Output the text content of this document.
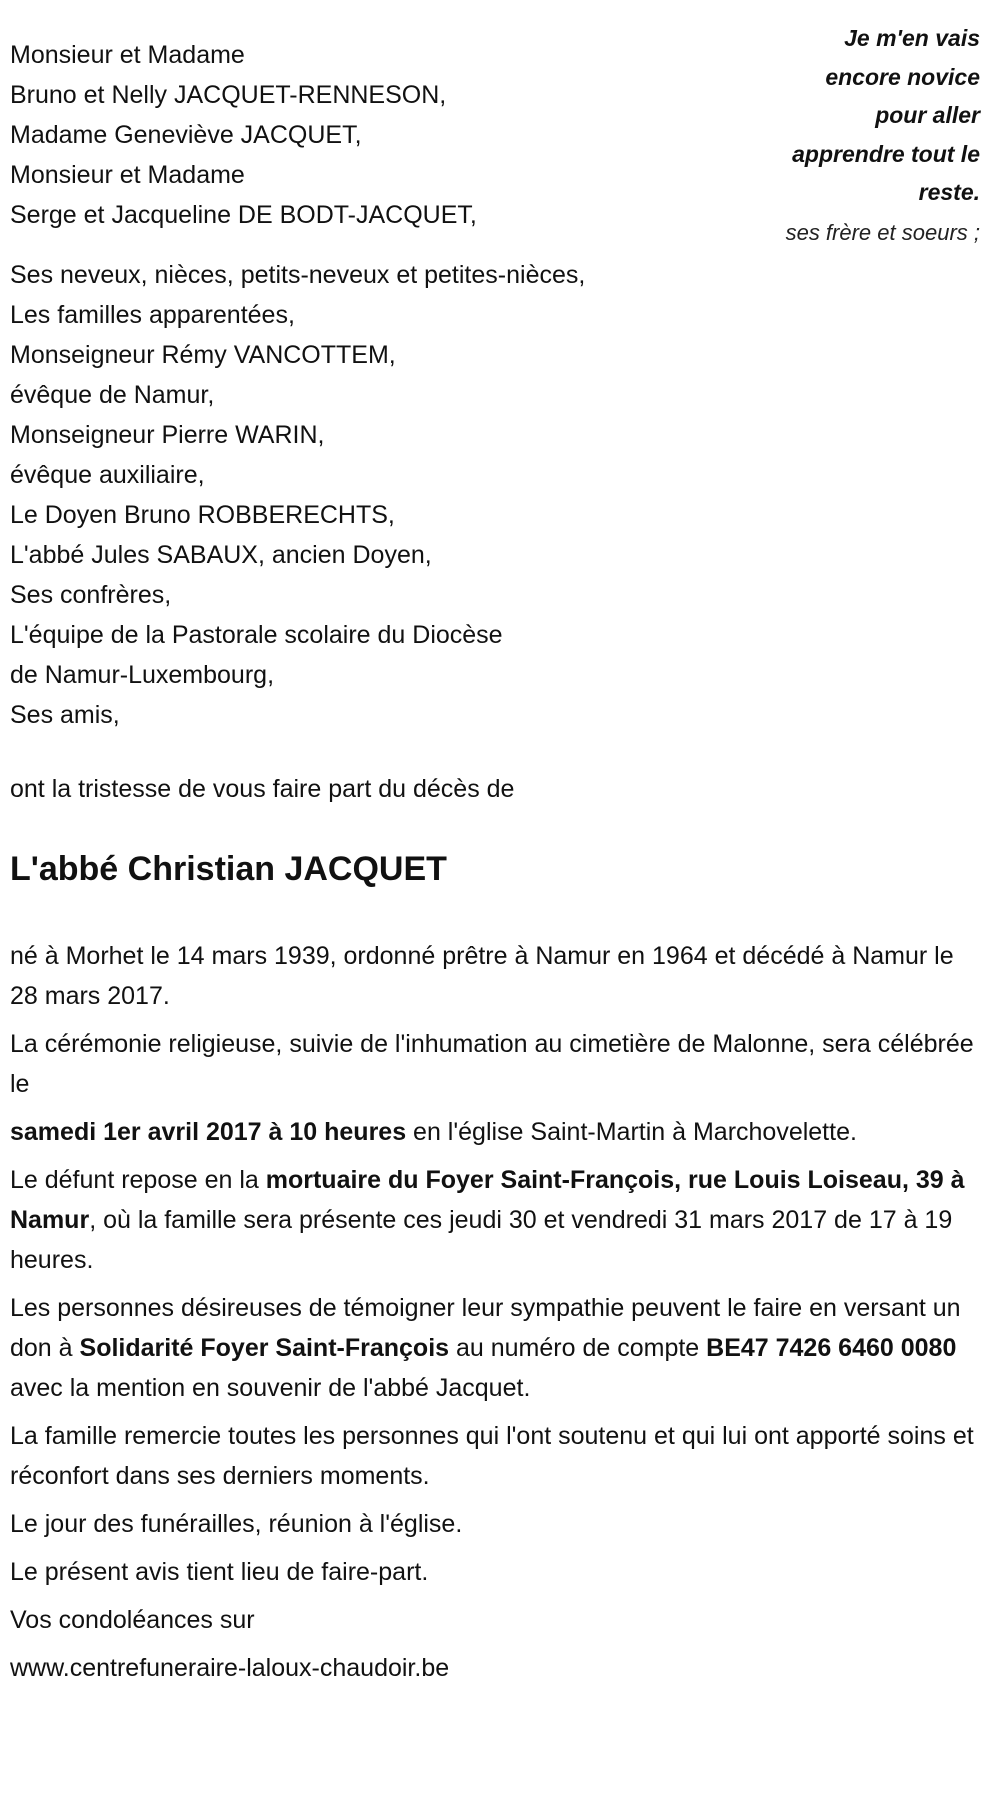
Je m'en vais
encore novice
pour aller
apprendre tout le
reste.
ses frère et soeurs ;
Monsieur et Madame
Bruno et Nelly JACQUET-RENNESON,
Madame Geneviève JACQUET,
Monsieur et Madame
Serge et Jacqueline DE BODT-JACQUET,
Ses neveux, nièces, petits-neveux et petites-nièces,
Les familles apparentées,
Monseigneur Rémy VANCOTTEM,
évêque de Namur,
Monseigneur Pierre WARIN,
évêque auxiliaire,
Le Doyen Bruno ROBBERECHTS,
L'abbé Jules SABAUX, ancien Doyen,
Ses confrères,
L'équipe de la Pastorale scolaire du Diocèse
de Namur-Luxembourg,
Ses amis,
ont la tristesse de vous faire part du décès de
L'abbé Christian JACQUET

né à Morhet le 14 mars 1939, ordonné prêtre à Namur en 1964 et décédé à Namur le 28 mars 2017.

La cérémonie religieuse, suivie de l'inhumation au cimetière de Malonne, sera célébrée le

samedi 1er avril 2017 à 10 heures en l'église Saint-Martin à Marchovelette.

Le défunt repose en la mortuaire du Foyer Saint-François, rue Louis Loiseau, 39 à Namur, où la famille sera présente ces jeudi 30 et vendredi 31 mars 2017 de 17 à 19 heures.

Les personnes désireuses de témoigner leur sympathie peuvent le faire en versant un don à Solidarité Foyer Saint-François au numéro de compte BE47 7426 6460 0080 avec la mention en souvenir de l'abbé Jacquet.

La famille remercie toutes les personnes qui l'ont soutenu et qui lui ont apporté soins et réconfort dans ses derniers moments.

Le jour des funérailles, réunion à l'église.

Le présent avis tient lieu de faire-part.

Vos condoléances sur

www.centrefuneraire-laloux-chaudoir.be
